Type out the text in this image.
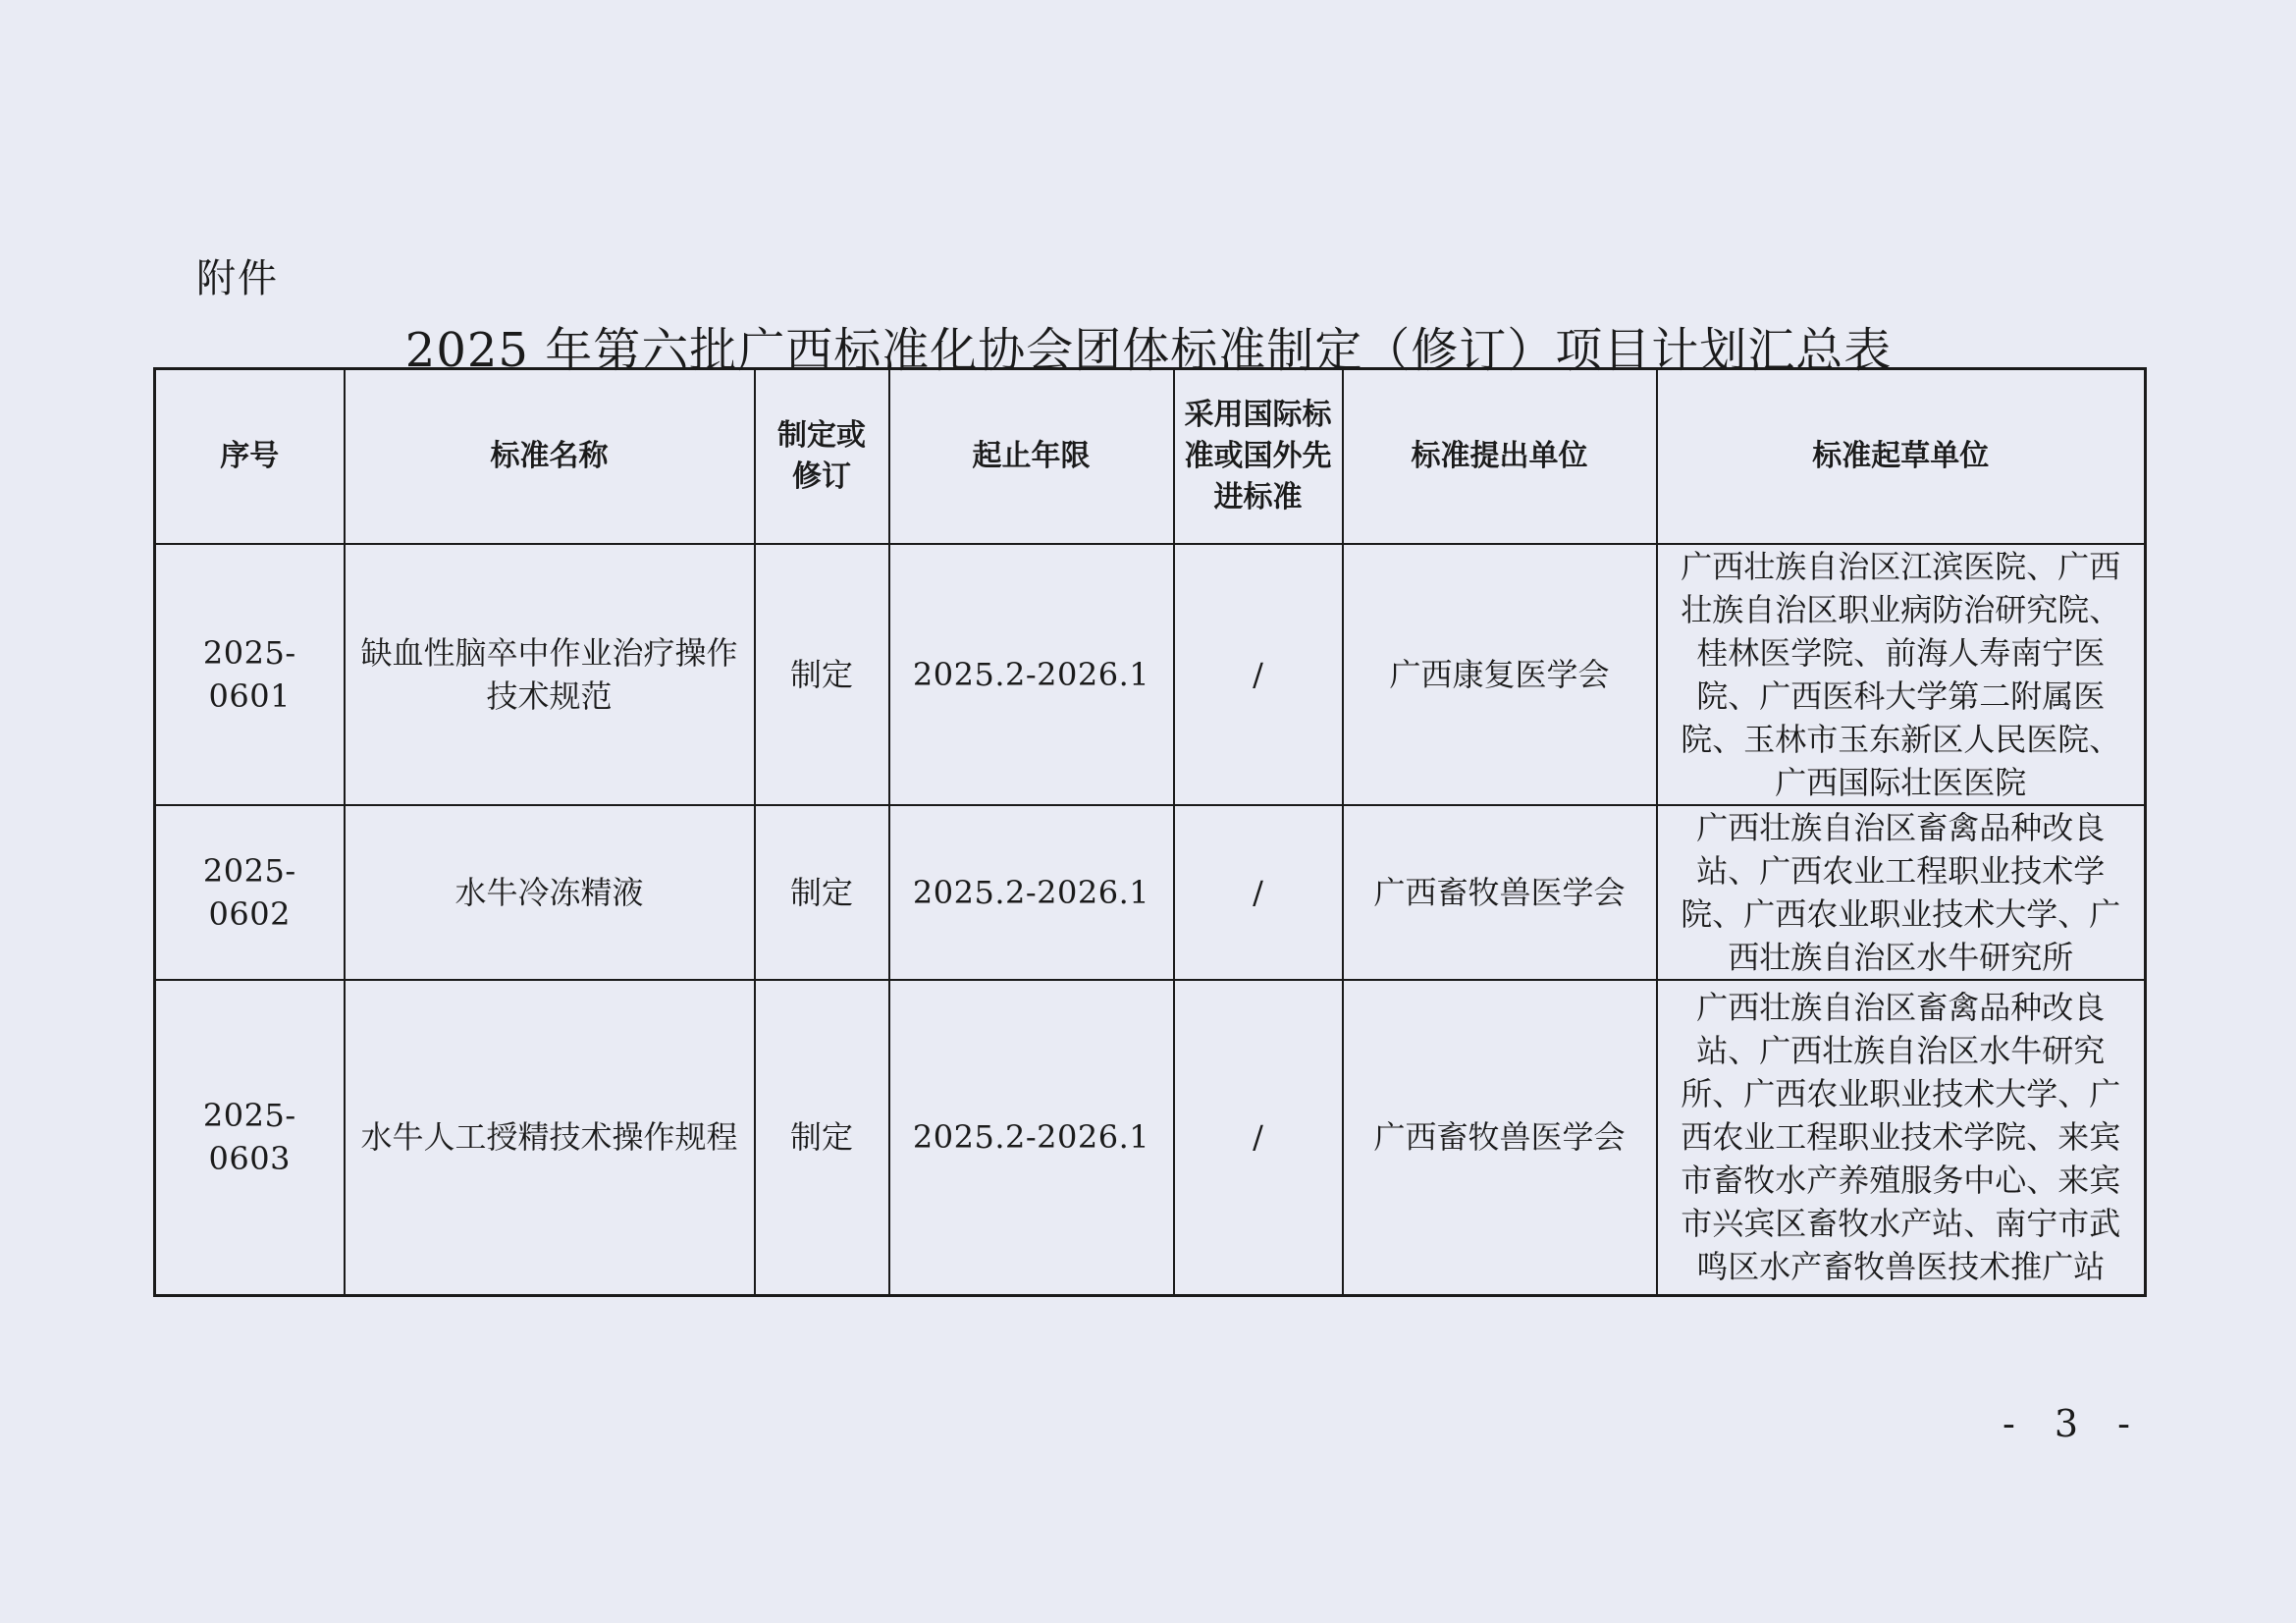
附件
2025 年第六批广西标准化协会团体标准制定（修订）项目计划汇总表
序号	标准名称	制定或修订	起止年限	采用国际标准或国外先进标准	标准提出单位	标准起草单位
2025-0601	缺血性脑卒中作业治疗操作技术规范	制定	2025.2-2026.1	/	广西康复医学会	广西壮族自治区江滨医院、广西壮族自治区职业病防治研究院、桂林医学院、前海人寿南宁医院、广西医科大学第二附属医院、玉林市玉东新区人民医院、广西国际壮医医院
2025-0602	水牛冷冻精液	制定	2025.2-2026.1	/	广西畜牧兽医学会	广西壮族自治区畜禽品种改良站、广西农业工程职业技术学院、广西农业职业技术大学、广西壮族自治区水牛研究所
2025-0603	水牛人工授精技术操作规程	制定	2025.2-2026.1	/	广西畜牧兽医学会	广西壮族自治区畜禽品种改良站、广西壮族自治区水牛研究所、广西农业职业技术大学、广西农业工程职业技术学院、来宾市畜牧水产养殖服务中心、来宾市兴宾区畜牧水产站、南宁市武鸣区水产畜牧兽医技术推广站
- 3 -
